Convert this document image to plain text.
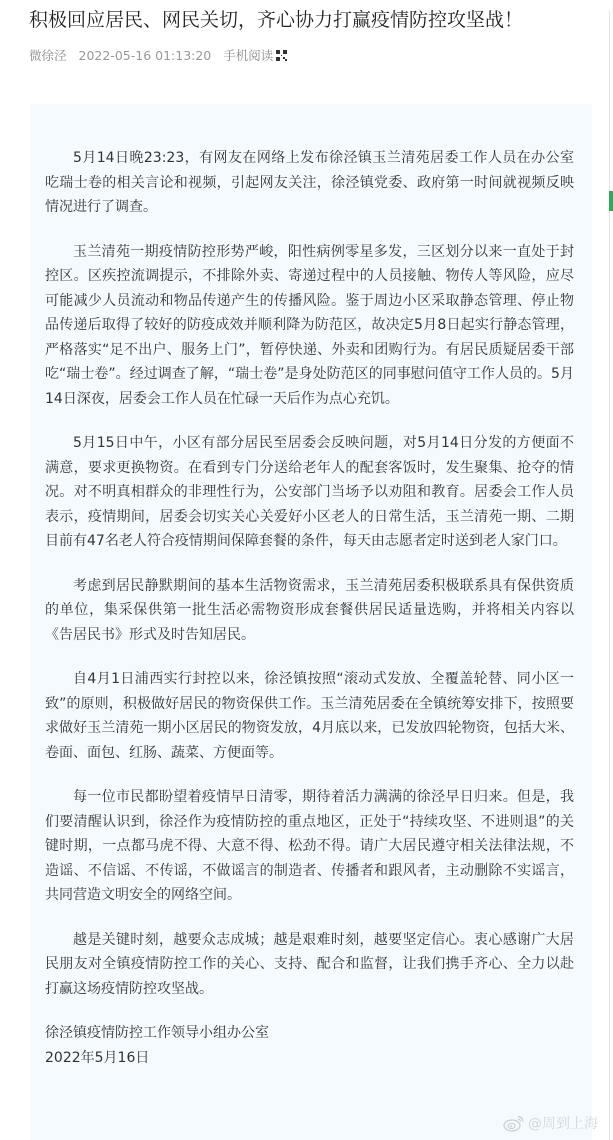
积极回应居民、网民关切，齐心协力打赢疫情防控攻坚战！
微徐泾 2022-05-16 01:13:20 手机阅读

5月14日晚23:23，有网友在网络上发布徐泾镇玉兰清苑居委工作人员在办公室吃瑞士卷的相关言论和视频，引起网友关注，徐泾镇党委、政府第一时间就视频反映情况进行了调查。

玉兰清苑一期疫情防控形势严峻，阳性病例零星多发，三区划分以来一直处于封控区。区疾控流调提示，不排除外卖、寄递过程中的人员接触、物传人等风险，应尽可能减少人员流动和物品传递产生的传播风险。鉴于周边小区采取静态管理、停止物品传递后取得了较好的防疫成效并顺利降为防范区，故决定5月8日起实行静态管理，严格落实“足不出户、服务上门”，暂停快递、外卖和团购行为。有居民质疑居委干部吃“瑞士卷”。经过调查了解，“瑞士卷”是身处防范区的同事慰问值守工作人员的。5月14日深夜，居委会工作人员在忙碌一天后作为点心充饥。

5月15日中午，小区有部分居民至居委会反映问题，对5月14日分发的方便面不满意，要求更换物资。在看到专门分送给老年人的配套客饭时，发生聚集、抢夺的情况。对不明真相群众的非理性行为，公安部门当场予以劝阻和教育。居委会工作人员表示，疫情期间，居委会切实关心关爱好小区老人的日常生活，玉兰清苑一期、二期目前有47名老人符合疫情期间保障套餐的条件，每天由志愿者定时送到老人家门口。

考虑到居民静默期间的基本生活物资需求，玉兰清苑居委积极联系具有保供资质的单位，集采保供第一批生活必需物资形成套餐供居民适量选购，并将相关内容以《告居民书》形式及时告知居民。

自4月1日浦西实行封控以来，徐泾镇按照“滚动式发放、全覆盖轮替、同小区一致”的原则，积极做好居民的物资保供工作。玉兰清苑居委在全镇统筹安排下，按照要求做好玉兰清苑一期小区居民的物资发放，4月底以来，已发放四轮物资，包括大米、卷面、面包、红肠、蔬菜、方便面等。

每一位市民都盼望着疫情早日清零，期待着活力满满的徐泾早日归来。但是，我们要清醒认识到，徐泾作为疫情防控的重点地区，正处于“持续攻坚、不进则退”的关键时期，一点都马虎不得、大意不得、松劲不得。请广大居民遵守相关法律法规，不造谣、不信谣、不传谣，不做谣言的制造者、传播者和跟风者，主动删除不实谣言，共同营造文明安全的网络空间。

越是关键时刻，越要众志成城；越是艰难时刻，越要坚定信心。衷心感谢广大居民朋友对全镇疫情防控工作的关心、支持、配合和监督，让我们携手齐心、全力以赴打赢这场疫情防控攻坚战。

徐泾镇疫情防控工作领导小组办公室

2022年5月16日

@周到上海
